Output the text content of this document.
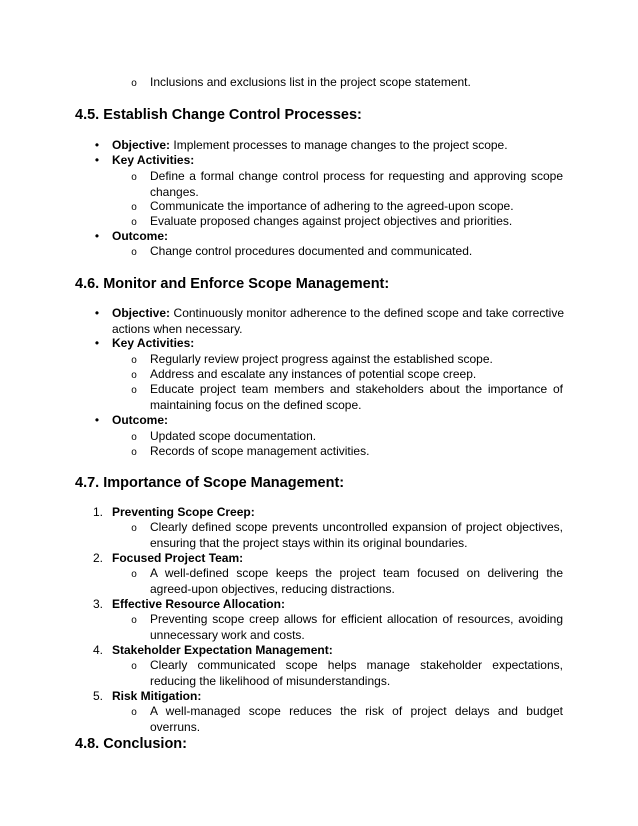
o	Inclusions and exclusions list in the project scope statement.
4.5. Establish Change Control Processes:
•	Objective: Implement processes to manage changes to the project scope.
•	Key Activities:
o	Define a formal change control process for requesting and approving scope changes.
o	Communicate the importance of adhering to the agreed-upon scope.
o	Evaluate proposed changes against project objectives and priorities.
•	Outcome:
o	Change control procedures documented and communicated.
4.6. Monitor and Enforce Scope Management:
•	Objective: Continuously monitor adherence to the defined scope and take corrective actions when necessary.
•	Key Activities:
o	Regularly review project progress against the established scope.
o	Address and escalate any instances of potential scope creep.
o	Educate project team members and stakeholders about the importance of maintaining focus on the defined scope.
•	Outcome:
o	Updated scope documentation.
o	Records of scope management activities.
4.7. Importance of Scope Management:
1. Preventing Scope Creep:
o	Clearly defined scope prevents uncontrolled expansion of project objectives, ensuring that the project stays within its original boundaries.
2. Focused Project Team:
o	A well-defined scope keeps the project team focused on delivering the agreed-upon objectives, reducing distractions.
3. Effective Resource Allocation:
o	Preventing scope creep allows for efficient allocation of resources, avoiding unnecessary work and costs.
4. Stakeholder Expectation Management:
o	Clearly communicated scope helps manage stakeholder expectations, reducing the likelihood of misunderstandings.
5. Risk Mitigation:
o	A well-managed scope reduces the risk of project delays and budget overruns.
4.8. Conclusion:
